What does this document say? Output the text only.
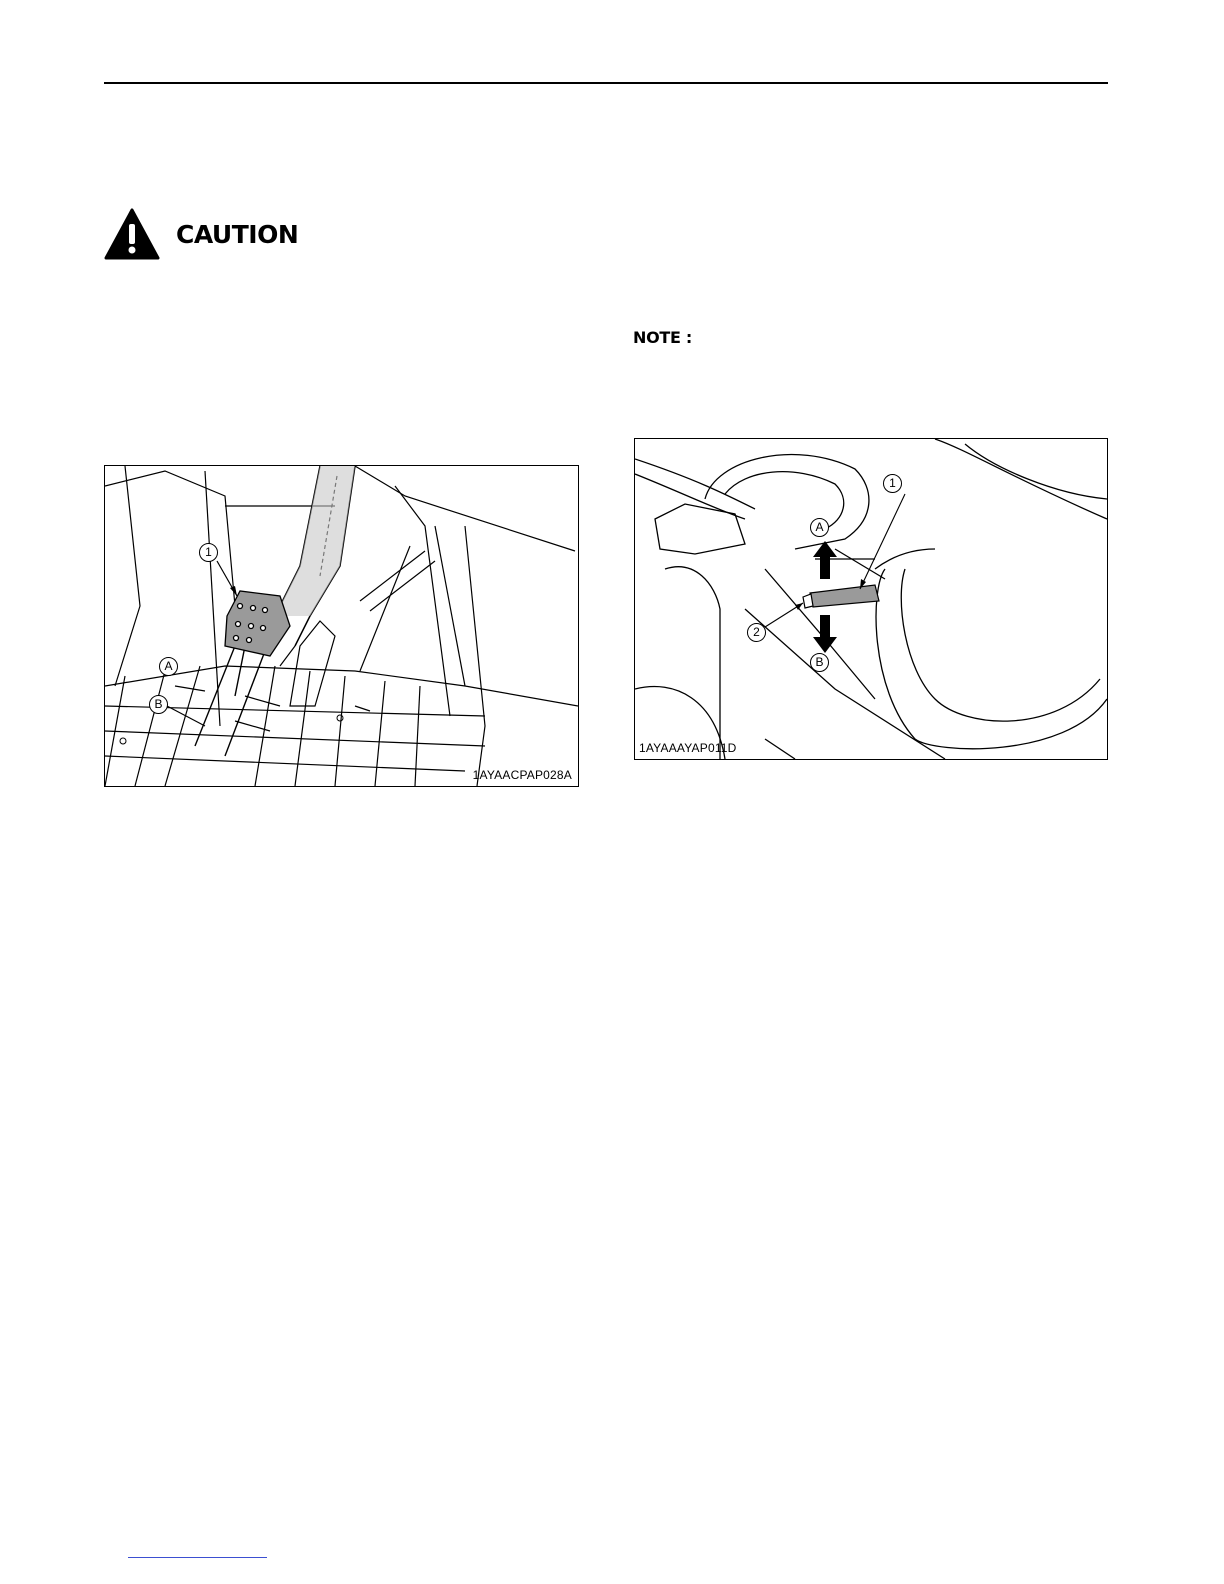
CAUTION
NOTE :
1
A
B
1AYAACPAP028A
1
A
2
B
1AYAAAYAP011D
